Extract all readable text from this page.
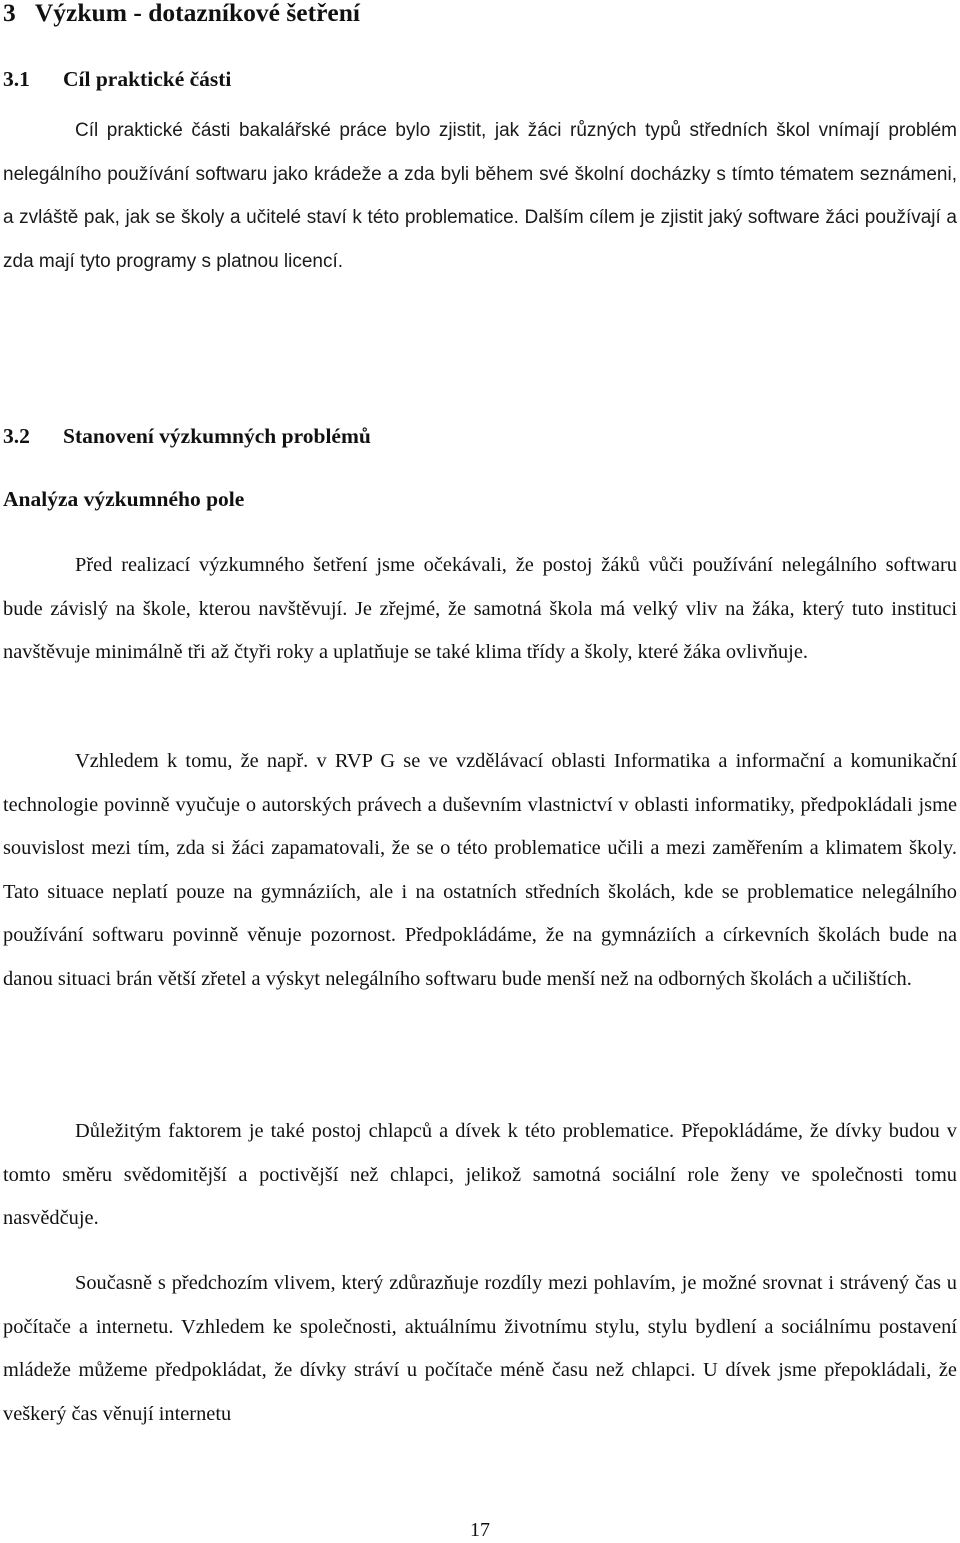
3 Výzkum - dotazníkové šetření
3.1 Cíl praktické části

Cíl praktické části bakalářské práce bylo zjistit, jak žáci různých typů středních škol vnímají problém nelegálního používání softwaru jako krádeže a zda byli během své školní docházky s tímto tématem seznámeni, a zvláště pak, jak se školy a učitelé staví k této problematice. Dalším cílem je zjistit jaký software žáci používají a zda mají tyto programy s platnou licencí.

3.2 Stanovení výzkumných problémů
Analýza výzkumného pole

Před realizací výzkumného šetření jsme očekávali, že postoj žáků vůči používání nelegálního softwaru bude závislý na škole, kterou navštěvují. Je zřejmé, že samotná škola má velký vliv na žáka, který tuto instituci navštěvuje minimálně tři až čtyři roky a uplatňuje se také klima třídy a školy, které žáka ovlivňuje.

Vzhledem k tomu, že např. v RVP G se ve vzdělávací oblasti Informatika a informační a komunikační technologie povinně vyučuje o autorských právech a duševním vlastnictví v oblasti informatiky, předpokládali jsme souvislost mezi tím, zda si žáci zapamatovali, že se o této problematice učili a mezi zaměřením a klimatem školy. Tato situace neplatí pouze na gymnáziích, ale i na ostatních středních školách, kde se problematice nelegálního používání softwaru povinně věnuje pozornost. Předpokládáme, že na gymnáziích a církevních školách bude na danou situaci brán větší zřetel a výskyt nelegálního softwaru bude menší než na odborných školách a učilištích.

Důležitým faktorem je také postoj chlapců a dívek k této problematice. Přepokládáme, že dívky budou v tomto směru svědomitější a poctivější než chlapci, jelikož samotná sociální role ženy ve společnosti tomu nasvědčuje.

Současně s předchozím vlivem, který zdůrazňuje rozdíly mezi pohlavím, je možné srovnat i strávený čas u počítače a internetu. Vzhledem ke společnosti, aktuálnímu životnímu stylu, stylu bydlení a sociálnímu postavení mládeže můžeme předpokládat, že dívky stráví u počítače méně času než chlapci. U dívek jsme přepokládali, že veškerý čas věnují internetu

17
